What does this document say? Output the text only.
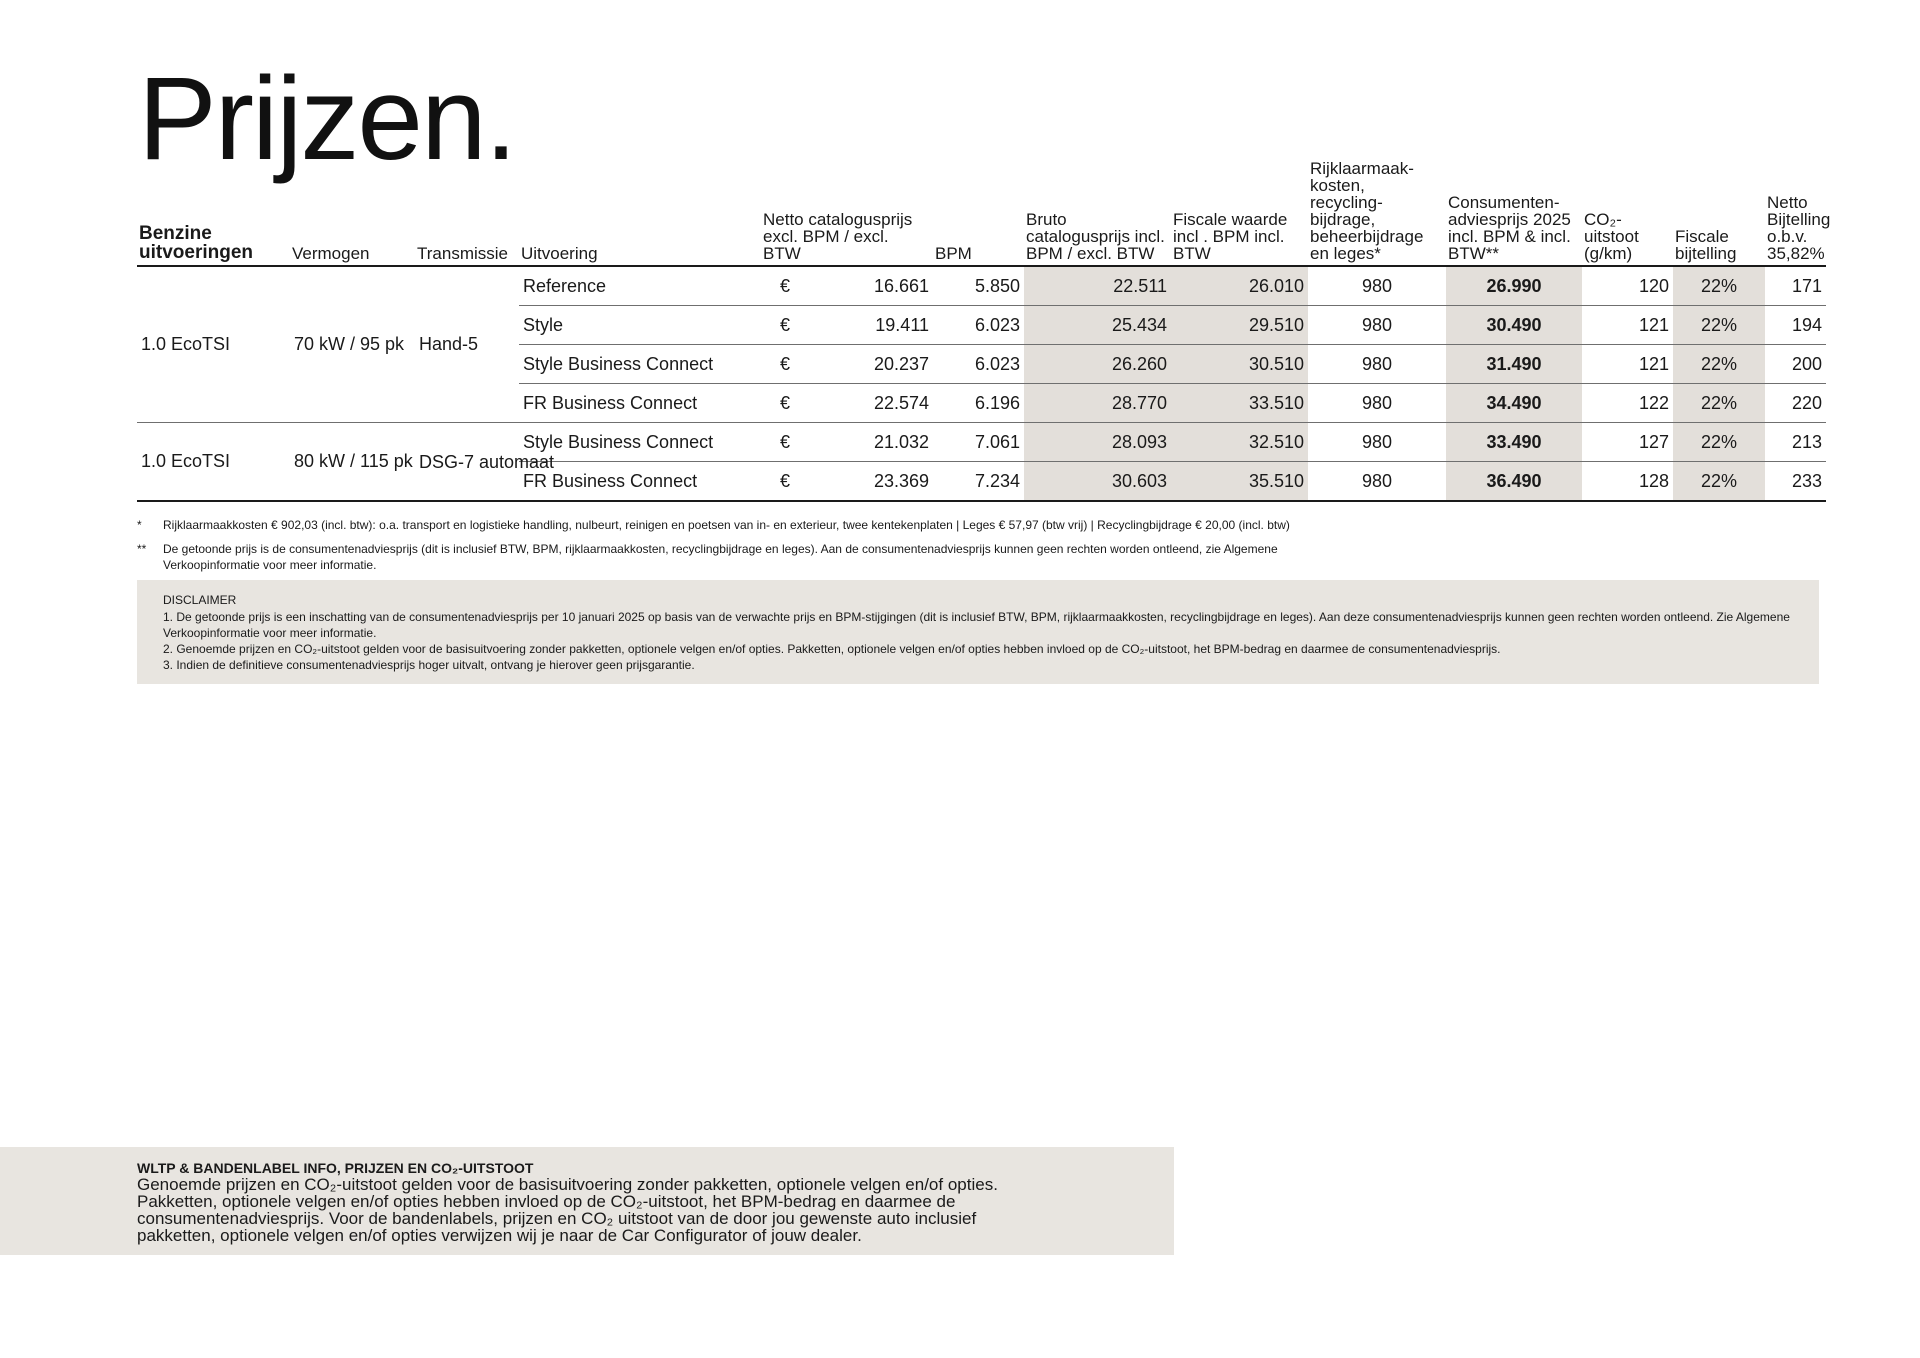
Prijzen.
Benzine uitvoeringen	Vermogen	Transmissie	Uitvoering	Netto catalogusprijs excl. BPM / excl. BTW		BPM	Bruto catalogusprijs incl. BPM / excl. BTW	Fiscale waarde incl . BPM incl. BTW	Rijklaarmaak-kosten, recycling-bijdrage, beheerbijdrage en leges*	Consumenten-adviesprijs 2025 incl. BPM & incl. BTW**	CO₂-uitstoot (g/km)	Fiscale bijtelling	Netto Bijtelling o.b.v. 35,82%
1.0 EcoTSI	70 kW / 95 pk	Hand-5	Reference	€	16.661	5.850	22.511	26.010	980	26.990	120	22%	171
			Style	€	19.411	6.023	25.434	29.510	980	30.490	121	22%	194
			Style Business Connect	€	20.237	6.023	26.260	30.510	980	31.490	121	22%	200
			FR Business Connect	€	22.574	6.196	28.770	33.510	980	34.490	122	22%	220
1.0 EcoTSI	80 kW / 115 pk	DSG-7 automaat	Style Business Connect	€	21.032	7.061	28.093	32.510	980	33.490	127	22%	213
			FR Business Connect	€	23.369	7.234	30.603	35.510	980	36.490	128	22%	233
*	Rijklaarmaakkosten € 902,03 (incl. btw): o.a. transport en logistieke handling, nulbeurt, reinigen en poetsen van in- en exterieur, twee kentekenplaten | Leges € 57,97 (btw vrij) | Recyclingbijdrage € 20,00 (incl. btw)
**	De getoonde prijs is de consumentenadviesprijs (dit is inclusief BTW, BPM, rijklaarmaakkosten, recyclingbijdrage en leges). Aan de consumentenadviesprijs kunnen geen rechten worden ontleend, zie Algemene Verkoopinformatie voor meer informatie.
DISCLAIMER
1. De getoonde prijs is een inschatting van de consumentenadviesprijs per 10 januari 2025 op basis van de verwachte prijs en BPM-stijgingen (dit is inclusief BTW, BPM, rijklaarmaakkosten, recyclingbijdrage en leges). Aan deze consumentenadviesprijs kunnen geen rechten worden ontleend. Zie Algemene Verkoopinformatie voor meer informatie.
2. Genoemde prijzen en CO₂-uitstoot gelden voor de basisuitvoering zonder pakketten, optionele velgen en/of opties. Pakketten, optionele velgen en/of opties hebben invloed op de CO₂-uitstoot, het BPM-bedrag en daarmee de consumentenadviesprijs.
3. Indien de definitieve consumentenadviesprijs hoger uitvalt, ontvang je hierover geen prijsgarantie.
WLTP & BANDENLABEL INFO, PRIJZEN EN CO₂-UITSTOOT
Genoemde prijzen en CO₂-uitstoot gelden voor de basisuitvoering zonder pakketten, optionele velgen en/of opties. Pakketten, optionele velgen en/of opties hebben invloed op de CO₂-uitstoot, het BPM-bedrag en daarmee de consumentenadviesprijs. Voor de bandenlabels, prijzen en CO₂ uitstoot van de door jou gewenste auto inclusief pakketten, optionele velgen en/of opties verwijzen wij je naar de Car Configurator of jouw dealer.
